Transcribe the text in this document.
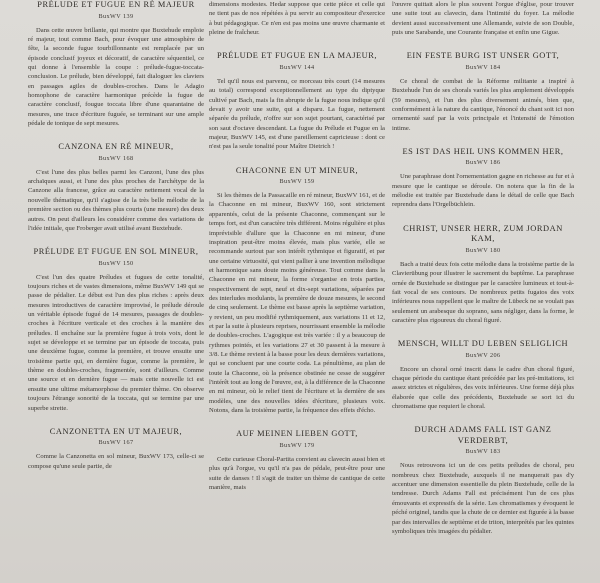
PRÉLUDE ET FUGUE EN RÉ MAJEUR
BuxWV 139

Dans cette œuvre brillante, qui montre que Buxtehude emploie ré majeur, tout comme Bach, pour évoquer une atmosphère de fête, la seconde fugue tourbillonnante est remplacée par un épisode conclusif joyeux et décoratif, de caractère séquentiel, ce qui donne à l'ensemble la coupe : prélude-fugue-toccata-conclusion. Le prélude, bien développé, fait dialoguer les claviers en passages agiles de doubles-croches. Dans le Adagio homophone de caractère harmonique précède la fugue de caractère conclusif, fougue toccata libre d'une quarantaine de mesures, une trace d'écriture fuguée, se terminant sur une ample pédale de tonique de sept mesures.

CANZONA EN RÉ MINEUR,
BuxWV 168

C'est l'une des plus belles parmi les Canzoni, l'une des plus archaïques aussi, et l'une des plus proches de l'archétype de la Canzone alla francese, grâce au caractère nettement vocal de la nouvelle thématique, qu'il s'agisse de la très belle mélodie de la première section ou des thèmes plus courts (une mesure) des deux autres. On peut d'ailleurs les considérer comme des variations de l'idée initiale, que Froberger avait utilisé avant Buxtehude.

PRÉLUDE ET FUGUE EN SOL MINEUR,
BuxWV 150

C'est l'un des quatre Préludes et fugues de cette tonalité, toujours riches et de vastes dimensions, même BuxWV 149 qui se passe de pédalier. Le début est l'un des plus riches : après deux mesures introductives de caractère improvisé, le prélude déroule un véritable épisode fugué de 14 mesures, passages de doubles-croches à l'écriture verticale et des croches à la manière des préludes. Il enchaîne sur la première fugue à trois voix, dont le sujet se développe et se termine par un épisode de toccata, puis une deuxième fugue, comme la première, et trouve ensuite une troisième partie qui, en dernière fugue, comme la première, le thème en doubles-croches, fragmentée, sont d'ailleurs. Comme une source et en dernière fugue — mais cette nouvelle ici est ensuite une ultime métamorphose du premier thème. On observe toujours l'étrange sonorité de la toccata, qui se termine par une superbe strette.

CANZONETTA EN UT MAJEUR,
BuxWV 167

Comme la Canzonetta en sol mineur, BuxWV 173, celle-ci se compose qu'une seule partie, de

dimensions modestes. Hedar suppose que cette pièce et celle qui ne tient pas de nos répétées à pu servir au compositeur d'exercice à but pédagogique. Ce n'en est pas moins une œuvre charmante et pleine de fraîcheur.

PRÉLUDE ET FUGUE EN LA MAJEUR,
BuxWV 144

Tel qu'il nous est parvenu, ce morceau très court (14 mesures au total) correspond exceptionnellement au type du diptyque cultivé par Bach, mais la fin abrupte de la fugue nous indique qu'il devait y avoir une suite, qui a disparu. La fugue, nettement séparée du prélude, n'offre sur son sujet pourtant, caractérisé par son saut d'octave descendant. La fugue du Prélude et Fugue en la majeur, BuxWV 145, est d'une pareillement capricieuse : dont ce n'est pas la seule tonalité pour Maître Dietrich !

CHACONNE EN UT MINEUR,
BuxWV 159

Si les thèmes de la Passacaille en ré mineur, BuxWV 161, et de la Chaconne en mi mineur, BuxWV 160, sont strictement apparentés, celui de la présente Chaconne, commençant sur le temps fort, est d'un caractère très différent. Moins régulière et plus imprévisible d'allure que la Chaconne en mi mineur, d'une inspiration peut-être moins élevée, mais plus variée, elle se recommande surtout par son intérêt rythmique et figuratif, et par une certaine virtuosité, qui vient pallier à une invention mélodique et harmonique sans doute moins généreuse. Tout comme dans la Chaconne en mi mineur, la forme s'organise en trois parties, respectivement de sept, neuf et dix-sept variations, séparées par des interludes modulants, la première de douze mesures, le second de cinq seulement. Le thème est basse après la septième variation, y revient, un peu modifié rythmiquement, aux variations 11 et 12, et par la suite à plusieurs reprises, nourrissant ensemble la mélodie de doubles-croches. L'agogique est très variée : il y a beaucoup de rythmes pointés, et les variations 27 et 30 passent à la mesure à 3/8. Le thème revient à la basse pour les deux dernières variations, qui se concluent par une courte coda. La pénultième, au plan de toute la Chaconne, où la présence obstinée ne cesse de suggérer l'intérêt tout au long de l'œuvre, est, à la différence de la Chaconne en mi mineur, où le relief tient de l'écriture et la dernière de ses modèles, une des nouvelles idées d'écriture, plusieurs voix. Notons, dans la troisième partie, la fréquence des effets d'écho.

AUF MEINEN LIEBEN GOTT,
BuxWV 179

Cette curieuse Choral-Partita convient au clavecin aussi bien et plus qu'à l'orgue, vu qu'il n'a pas de pédale, peut-être pour une suite de danses ! Il s'agit de traiter un thème de cantique de cette manière, mais

l'œuvre quittait alors le plus souvent l'orgue d'église, pour trouver une suite tout au clavecin, dans l'intimité du foyer. La mélodie devient aussi successivement une Allemande, suivie de son Double, puis une Sarabande, une Courante française et enfin une Gigue.

EIN FESTE BURG IST UNSER GOTT,
BuxWV 184

Ce choral de combat de la Réforme militante a inspiré à Buxtehude l'un de ses chorals variés les plus amplement développés (59 mesures), et l'un des plus diversement animés, bien que, conformément à la nature du cantique, l'énoncé du chant soit ici non ornementé sauf par la voix principale et l'intensité de l'émotion intime.

ES IST DAS HEIL UNS KOMMEN HER,
BuxWV 186

Une paraphrase dont l'ornementation gagne en richesse au fur et à mesure que le cantique se déroule. On notera que la fin de la mélodie est traitée par Buxtehude dans le détail de celle que Bach reprendra dans l'Orgelbüchlein.

CHRIST, UNSER HERR, ZUM JORDAN KAM,
BuxWV 180

Bach a traité deux fois cette mélodie dans la troisième partie de la Clavierübung pour illustrer le sacrement du baptême. La paraphrase ornée de Buxtehude se distingue par le caractère lumineux et tout-à-fait vocal de ses contours. De nombreux petits fugatos des voix inférieures nous rappellent que le maître de Lübeck ne se voulait pas seulement un arabesque du soprano, sans négliger, dans la forme, le caractère plus rigoureux du choral figuré.

MENSCH, WILLT DU LEBEN SELIGLICH
BuxWV 206

Encore un choral orné inscrit dans le cadre d'un choral figuré, chaque période du cantique étant précédée par les pré-imitations, ici assez strictes et régulières, des voix inférieures. Une forme déjà plus élaborée que celle des précédents, Buxtehude se sort ici du chromatisme que requiert le choral.

DURCH ADAMS FALL IST GANZ VERDERBT,
BuxWV 183

Nous retrouvons ici un de ces petits préludes de choral, peu nombreux chez Buxtehude, auxquels il ne manquerait pas d'y accentuer une dimension essentielle du plein Buxtehude, celle de la tendresse. Durch Adams Fall est précisément l'un de ces plus émouvants et expressifs de la série. Les chromatismes y évoquent le péché originel, tandis que la chute de ce dernier est figurée à la basse par des intervalles de septième et de triton, interprétés par les quintes symboliques très imagées du pédalier.
